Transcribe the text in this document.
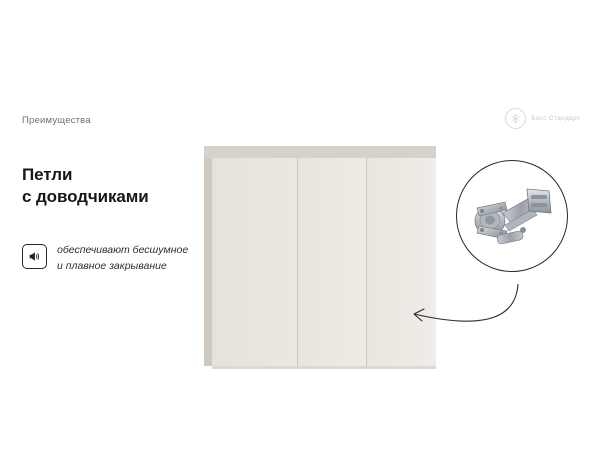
Преимущества	Босс Стандарт
Петли
с доводчиками
обеспечивают бесшумное и плавное закрывание
